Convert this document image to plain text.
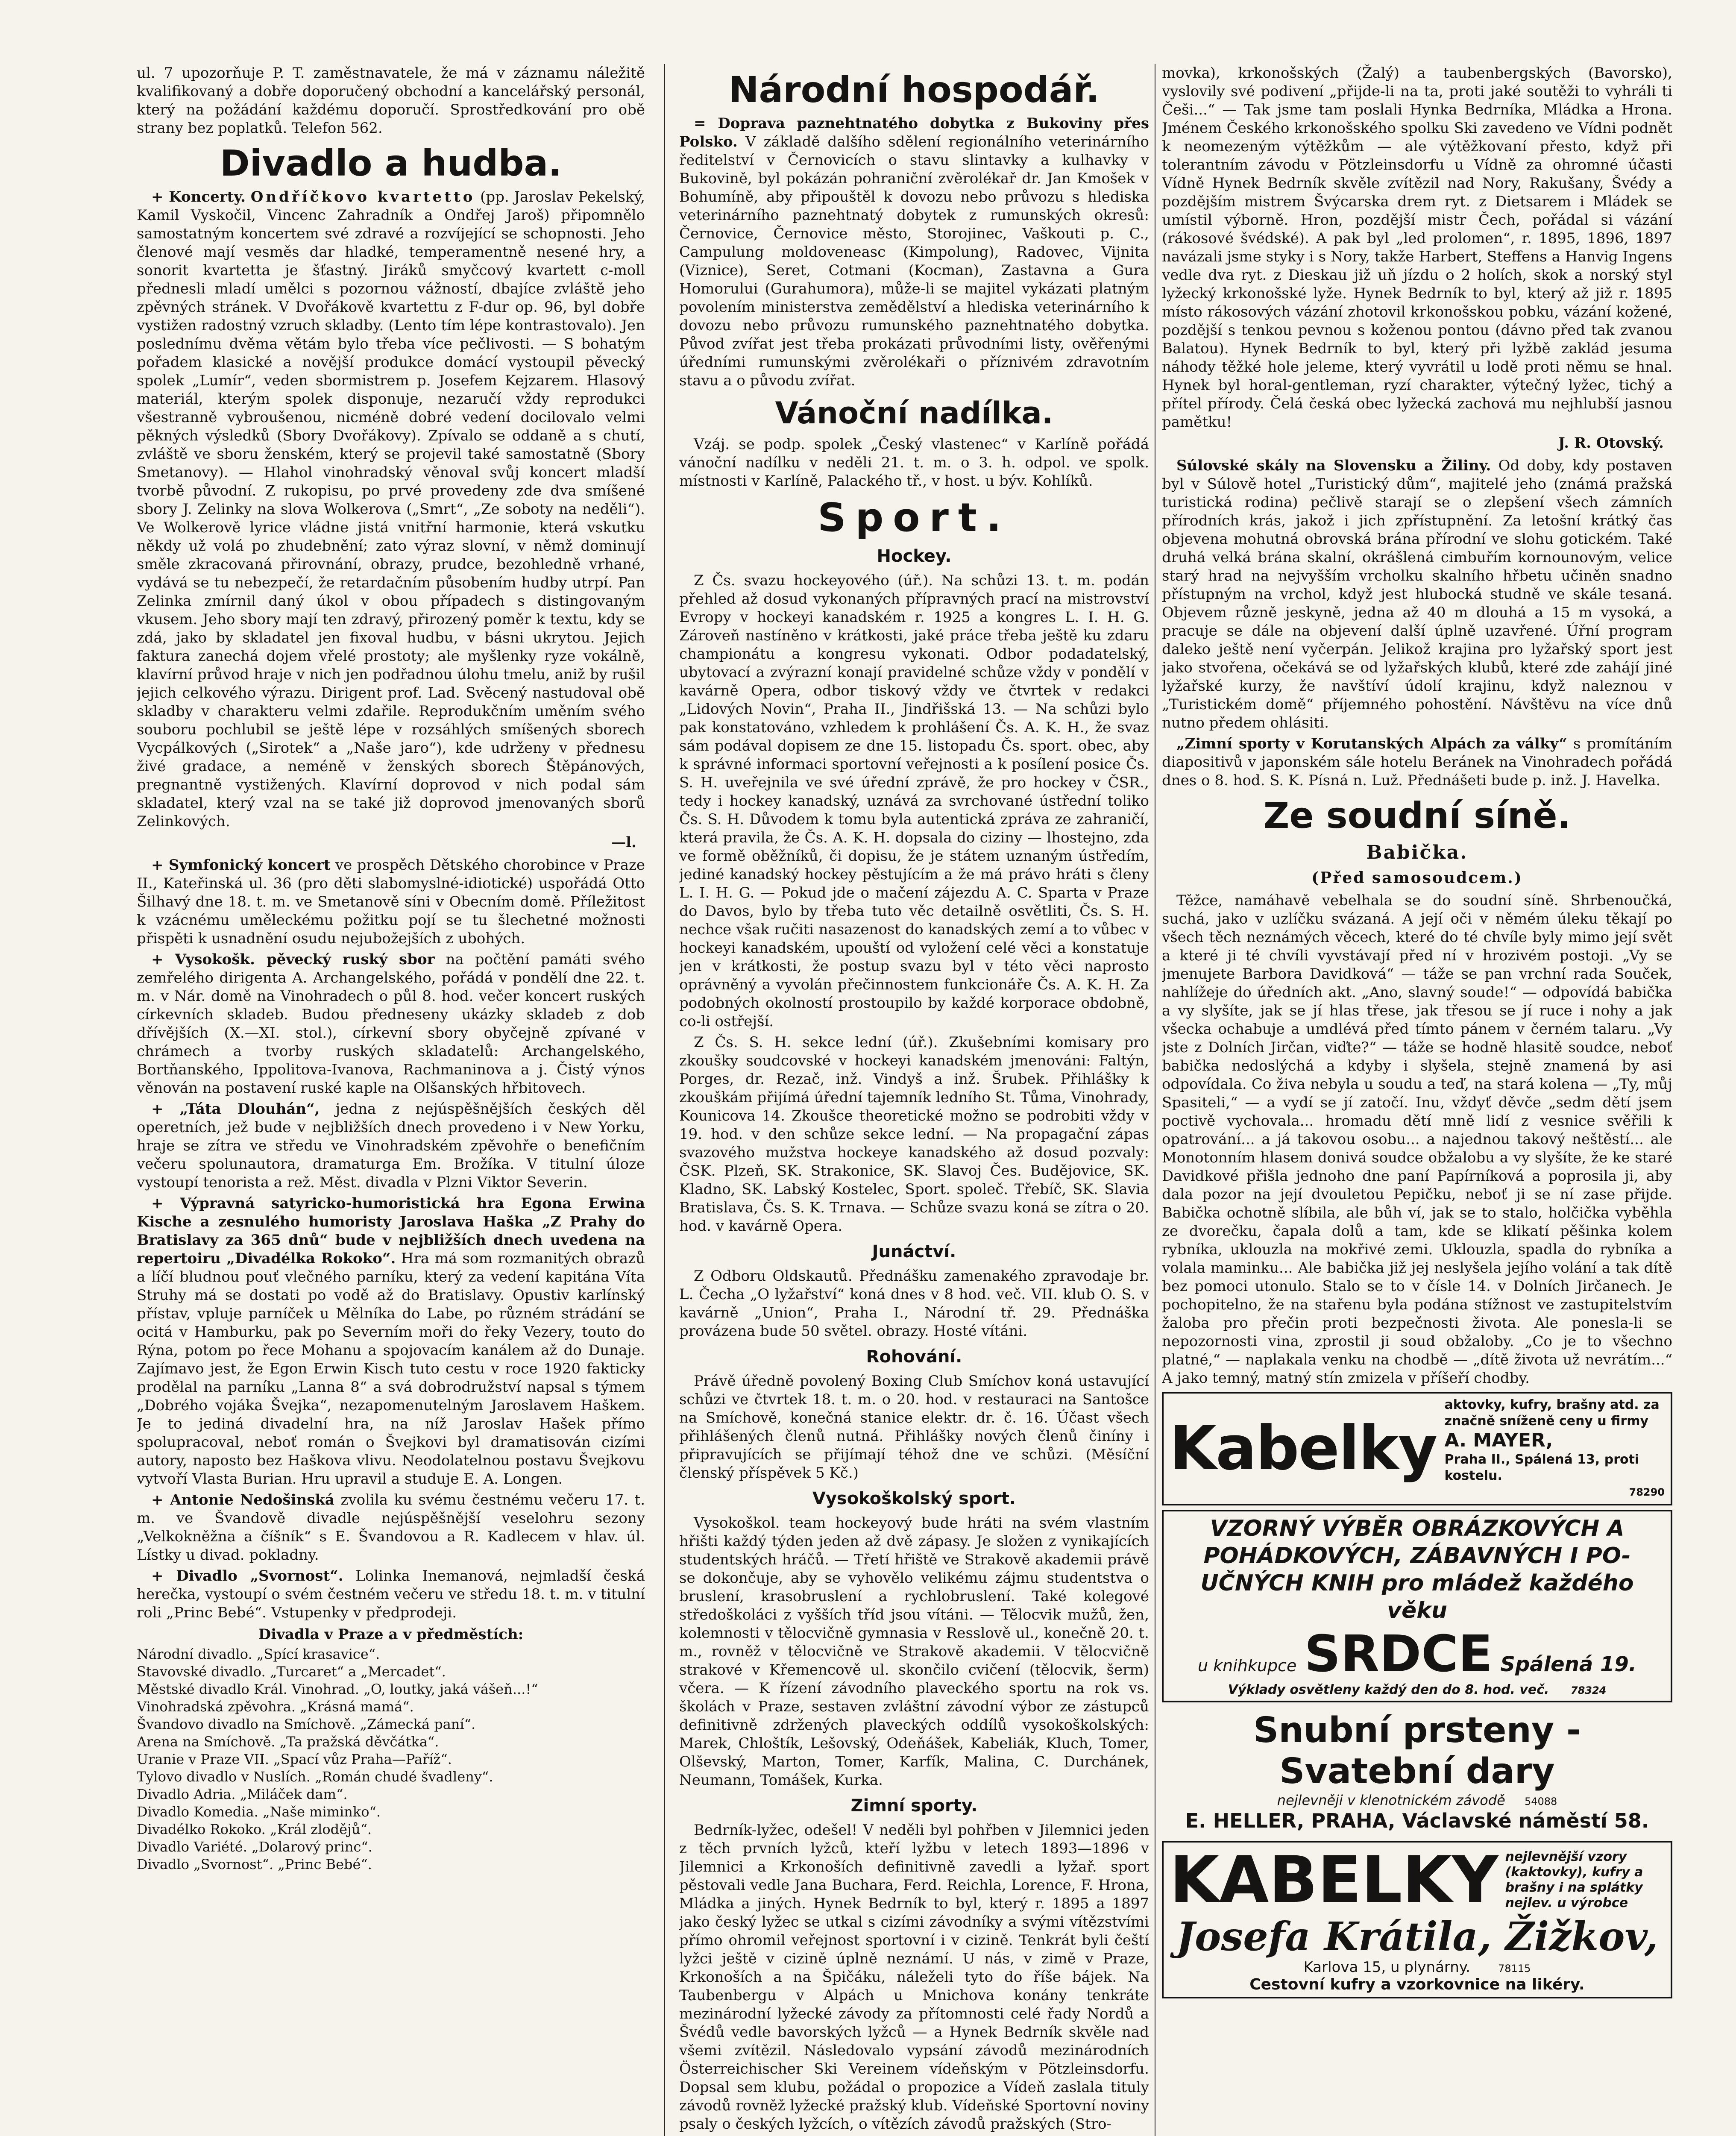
ul. 7 upozorňuje P. T. zaměstnavatele, že má v záznamu náležitě kvalifikovaný a dobře doporučený obchodní a kancelářský personál, který na požádání každému doporučí. Sprostředkování pro obě strany bez poplatků. Telefon 562.

Divadlo a hudba.

+ Koncerty. Ondříčkovo kvartetto (pp. Jaroslav Pekelský, Kamil Vyskočil, Vincenc Zahradník a Ondřej Jaroš) připomnělo samostatným koncertem své zdravé a rozvíjející se schopnosti. Jeho členové mají vesměs dar hladké, temperamentně nesené hry, a sonorit kvartetta je šťastný. Jiráků smyčcový kvartett c-moll přednesli mladí umělci s pozornou vážností, dbajíce zvláště jeho zpěvných stránek. V Dvořákově kvartettu z F-dur op. 96, byl dobře vystižen radostný vzruch skladby. (Lento tím lépe kontrastovalo). Jen poslednímu dvěma větám bylo třeba více pečlivosti. — S bohatým pořadem klasické a novější produkce domácí vystoupil pěvecký spolek „Lumír“, veden sbormistrem p. Josefem Kejzarem. Hlasový materiál, kterým spolek disponuje, nezaručí vždy reprodukci všestranně vybroušenou, nicméně dobré vedení docilovalo velmi pěkných výsledků (Sbory Dvořákovy). Zpívalo se oddaně a s chutí, zvláště ve sboru ženském, který se projevil také samostatně (Sbory Smetanovy). — Hlahol vinohradský věnoval svůj koncert mladší tvorbě původní. Z rukopisu, po prvé provedeny zde dva smíšené sbory J. Zelinky na slova Wolkerova („Smrt“, „Ze soboty na neděli“). Ve Wolkerově lyrice vládne jistá vnitřní harmonie, která vskutku někdy už volá po zhudebnění; zato výraz slovní, v němž dominují směle zkracovaná přirovnání, obrazy, prudce, bezohledně vrhané, vydává se tu nebezpečí, že retardačním působením hudby utrpí. Pan Zelinka zmírnil daný úkol v obou případech s distingovaným vkusem. Jeho sbory mají ten zdravý, přirozený poměr k textu, kdy se zdá, jako by skladatel jen fixoval hudbu, v básni ukrytou. Jejich faktura zanechá dojem vřelé prostoty; ale myšlenky ryze vokálně, klavírní průvod hraje v nich jen podřadnou úlohu tmelu, aniž by rušil jejich celkového výrazu. Dirigent prof. Lad. Svěcený nastudoval obě skladby v charakteru velmi zdařile. Reprodukčním uměním svého souboru pochlubil se ještě lépe v rozsáhlých smíšených sborech Vycpálkových („Sirotek“ a „Naše jaro“), kde udrženy v přednesu živé gradace, a neméně v ženských sborech Štěpánových, pregnantně vystižených. Klavírní doprovod v nich podal sám skladatel, který vzal na se také již doprovod jmenovaných sborů Zelinkových.

—l.

+ Symfonický koncert ve prospěch Dětského chorobince v Praze II., Kateřinská ul. 36 (pro děti slabomyslné-idiotické) uspořádá Otto Šilhavý dne 18. t. m. ve Smetanově síni v Obecním domě. Příležitost k vzácnému uměleckému požitku pojí se tu šlechetné možnosti přispěti k usnadnění osudu nejubožejších z ubohých.

+ Vysokošk. pěvecký ruský sbor na počtění památi svého zemřelého dirigenta A. Archangelského, pořádá v pondělí dne 22. t. m. v Nár. domě na Vinohradech o půl 8. hod. večer koncert ruských církevních skladeb. Budou předneseny ukázky skladeb z dob dřívějších (X.—XI. stol.), církevní sbory obyčejně zpívané v chrámech a tvorby ruských skladatelů: Archangelského, Bortňanského, Ippolitova-Ivanova, Rachmaninova a j. Čistý výnos věnován na postavení ruské kaple na Olšanských hřbitovech.

+ „Táta Dlouhán“, jedna z nejúspěšnějších českých děl operetních, jež bude v nejbližších dnech provedeno i v New Yorku, hraje se zítra ve středu ve Vinohradském zpěvohře o benefičním večeru spolunautora, dramaturga Em. Brožíka. V titulní úloze vystoupí tenorista a rež. Měst. divadla v Plzni Viktor Severin.

+ Výpravná satyricko-humoristická hra Egona Erwina Kische a zesnulého humoristy Jaroslava Haška „Z Prahy do Bratislavy za 365 dnů“ bude v nejbližších dnech uvedena na repertoiru „Divadélka Rokoko“. Hra má som rozmanitých obrazů a líčí bludnou pouť vlečného parníku, který za vedení kapitána Víta Struhy má se dostati po vodě až do Bratislavy. Opustiv karlínský přístav, vpluje parníček u Mělníka do Labe, po různém strádání se ocitá v Hamburku, pak po Severním moři do řeky Vezery, touto do Rýna, potom po řece Mohanu a spojovacím kanálem až do Dunaje. Zajímavo jest, že Egon Erwin Kisch tuto cestu v roce 1920 fakticky prodělal na parníku „Lanna 8“ a svá dobrodružství napsal s týmem „Dobrého vojáka Švejka“, nezapomenutelným Jaroslavem Haškem. Je to jediná divadelní hra, na níž Jaroslav Hašek přímo spolupracoval, neboť román o Švejkovi byl dramatisován cizími autory, naposto bez Haškova vlivu. Neodolatelnou postavu Švejkovu vytvoří Vlasta Burian. Hru upravil a studuje E. A. Longen.

+ Antonie Nedošinská zvolila ku svému čestnému večeru 17. t. m. ve Švandově divadle nejúspěšnější veselohru sezony „Velkokněžna a číšník“ s E. Švandovou a R. Kadlecem v hlav. úl. Lístky u divad. pokladny.

+ Divadlo „Svornost“. Lolinka Inemanová, nejmladší česká herečka, vystoupí o svém čestném večeru ve středu 18. t. m. v titulní roli „Princ Bebé“. Vstupenky v předprodeji.

Divadla v Praze a v předměstích:

Národní divadlo. „Spící krasavice“.

Stavovské divadlo. „Turcaret“ a „Mercadet“.

Městské divadlo Král. Vinohrad. „O, loutky, jaká vášeň...!“

Vinohradská zpěvohra. „Krásná mamá“.

Švandovo divadlo na Smíchově. „Zámecká paní“.

Arena na Smíchově. „Ta pražská děvčátka“.

Uranie v Praze VII. „Spací vůz Praha—Paříž“.

Tylovo divadlo v Nuslích. „Román chudé švadleny“.

Divadlo Adria. „Miláček dam“.

Divadlo Komedia. „Naše miminko“.

Divadélko Rokoko. „Král zlodějů“.

Divadlo Variété. „Dolarový princ“.

Divadlo „Svornost“. „Princ Bebé“.

Národní hospodář.

= Doprava paznehtnatého dobytka z Bukoviny přes Polsko. V základě dalšího sdělení regionálního veterinárního ředitelství v Černovicích o stavu slintavky a kulhavky v Bukovině, byl pokázán pohraniční zvěrolékař dr. Jan Kmošek v Bohumíně, aby připouštěl k dovozu nebo průvozu s hlediska veterinárního paznehtnatý dobytek z rumunských okresů: Černovice, Černovice město, Storojinec, Vaškouti p. C., Campulung moldoveneasc (Kimpolung), Radovec, Vijnita (Viznice), Seret, Cotmani (Kocman), Zastavna a Gura Homorului (Gurahumora), může-li se majitel vykázati platným povolením ministerstva zemědělství a hlediska veterinárního k dovozu nebo průvozu rumunského paznehtnatého dobytka. Původ zvířat jest třeba prokázati průvodními listy, ověřenými úředními rumunskými zvěrolékaři o příznivém zdravotním stavu a o původu zvířat.

Vánoční nadílka.

Vzáj. se podp. spolek „Český vlastenec“ v Karlíně pořádá vánoční nadílku v neděli 21. t. m. o 3. h. odpol. ve spolk. místnosti v Karlíně, Palackého tř., v host. u býv. Kohlíků.

Sport.
Hockey.

Z Čs. svazu hockeyového (úř.). Na schůzi 13. t. m. podán přehled až dosud vykonaných přípravných prací na mistrovství Evropy v hockeyi kanadském r. 1925 a kongres L. I. H. G. Zároveň nastíněno v krátkosti, jaké práce třeba ještě ku zdaru championátu a kongresu vykonati. Odbor podadatelský, ubytovací a zvýrazní konají pravidelné schůze vždy v pondělí v kavárně Opera, odbor tiskový vždy ve čtvrtek v redakci „Lidových Novin“, Praha II., Jindřišská 13. — Na schůzi bylo pak konstatováno, vzhledem k prohlášení Čs. A. K. H., že svaz sám podával dopisem ze dne 15. listopadu Čs. sport. obec, aby k správné informaci sportovní veřejnosti a k posílení posice Čs. S. H. uveřejnila ve své úřední zprávě, že pro hockey v ČSR., tedy i hockey kanadský, uznává za svrchované ústřední toliko Čs. S. H. Důvodem k tomu byla autentická zpráva ze zahraničí, která pravila, že Čs. A. K. H. dopsala do ciziny — lhostejno, zda ve formě oběžníků, či dopisu, že je státem uznaným ústředím, jediné kanadský hockey pěstujícím a že má právo hráti s členy L. I. H. G. — Pokud jde o mačení zájezdu A. C. Sparta v Praze do Davos, bylo by třeba tuto věc detailně osvětliti, Čs. S. H. nechce však ručiti nasazenost do kanadských zemí a to vůbec v hockeyi kanadském, upouští od vyložení celé věci a konstatuje jen v krátkosti, že postup svazu byl v této věci naprosto oprávněný a vyvolán přečinnostem funkcionáře Čs. A. K. H. Za podobných okolností prostoupilo by každé korporace obdobně, co-li ostřejší.

Z Čs. S. H. sekce lední (úř.). Zkušebními komisary pro zkoušky soudcovské v hockeyi kanadském jmenováni: Faltýn, Porges, dr. Rezač, inž. Vindyš a inž. Šrubek. Přihlášky k zkouškám přijímá úřední tajemník ledního St. Tůma, Vinohrady, Kounicova 14. Zkoušce theoretické možno se podrobiti vždy v 19. hod. v den schůze sekce lední. — Na propagační zápas svazového mužstva hockeye kanadského až dosud pozvaly: ČSK. Plzeň, SK. Strakonice, SK. Slavoj Čes. Budějovice, SK. Kladno, SK. Labský Kostelec, Sport. společ. Třebíč, SK. Slavia Bratislava, Čs. S. K. Trnava. — Schůze svazu koná se zítra o 20. hod. v kavárně Opera.

Junáctví.

Z Odboru Oldskautů. Přednášku zamenakého zpravodaje br. L. Čecha „O lyžařství“ koná dnes v 8 hod. več. VII. klub O. S. v kavárně „Union“, Praha I., Národní tř. 29. Přednáška provázena bude 50 světel. obrazy. Hosté vítáni.

Rohování.

Právě úředně povolený Boxing Club Smíchov koná ustavující schůzi ve čtvrtek 18. t. m. o 20. hod. v restauraci na Santošce na Smíchově, konečná stanice elektr. dr. č. 16. Účast všech přihlášených členů nutná. Přihlášky nových členů činíny i připravujících se přijímají téhož dne ve schůzi. (Měsíční členský příspěvek 5 Kč.)

Vysokoškolský sport.

Vysokoškol. team hockeyový bude hráti na svém vlastním hřišti každý týden jeden až dvě zápasy. Je složen z vynikajících studentských hráčů. — Třetí hřiště ve Strakově akademii právě se dokončuje, aby se vyhovělo velikému zájmu studentstva o bruslení, krasobruslení a rychlobruslení. Také kolegové středoškoláci z vyšších tříd jsou vítáni. — Tělocvik mužů, žen, kolemnosti v tělocvičně gymnasia v Resslově ul., konečně 20. t. m., rovněž v tělocvičně ve Strakově akademii. V tělocvičně strakové v Křemencově ul. skončilo cvičení (tělocvik, šerm) včera. — K řízení závodního plaveckého sportu na rok vs. školách v Praze, sestaven zvláštní závodní výbor ze zástupců definitivně zdržených plaveckých oddílů vysokoškolských: Marek, Chloštík, Lešovský, Odeňášek, Kabeliák, Kluch, Tomer, Olševský, Marton, Tomer, Karfík, Malina, C. Durchánek, Neumann, Tomášek, Kurka.

Zimní sporty.

Bedrník-lyžec, odešel! V neděli byl pohřben v Jilemnici jeden z těch prvních lyžců, kteří lyžbu v letech 1893—1896 v Jilemnici a Krkonoších definitivně zavedli a lyžař. sport pěstovali vedle Jana Buchara, Ferd. Reichla, Lorence, F. Hrona, Mládka a jiných. Hynek Bedrník to byl, který r. 1895 a 1897 jako český lyžec se utkal s cizími závodníky a svými vítězstvími přímo ohromil veřejnost sportovní i v cizině. Tenkrát byli čeští lyžci ještě v cizině úplně neznámí. U nás, v zimě v Praze, Krkonoších a na Špičáku, náleželi tyto do říše bájek. Na Taubenbergu v Alpách u Mnichova konány tenkráte mezinárodní lyžecké závody za přítomnosti celé řady Nordů a Švédů vedle bavorských lyžců — a Hynek Bedrník skvěle nad všemi zvítězil. Následovalo vypsání závodů mezinárodních Österreichischer Ski Vereinem vídeňským v Pötzleinsdorfu. Dopsal sem klubu, požádal o propozice a Vídeň zaslala tituly závodů rovněž lyžecké pražský klub. Vídeňské Sportovní noviny psaly o českých lyžcích, o vítězích závodů pražských (Stro-

movka), krkonošských (Žalý) a taubenbergských (Bavorsko), vyslovily své podivení „přijde-li na ta, proti jaké soutěži to vyhráli ti Češi...“ — Tak jsme tam poslali Hynka Bedrníka, Mládka a Hrona. Jménem Českého krkonošského spolku Ski zavedeno ve Vídni podnět k neomezeným výtěžkům — ale výtěžkovaní přesto, když při tolerantním závodu v Pötzleinsdorfu u Vídně za ohromné účasti Vídně Hynek Bedrník skvěle zvítězil nad Nory, Rakušany, Švédy a pozdějším mistrem Švýcarska drem ryt. z Dietsarem i Mládek se umístil výborně. Hron, pozdější mistr Čech, pořádal si vázání (rákosové švédské). A pak byl „led prolomen“, r. 1895, 1896, 1897 navázali jsme styky i s Nory, takže Harbert, Steffens a Hanvig Ingens vedle dva ryt. z Dieskau již uň jízdu o 2 holích, skok a norský styl lyžecký krkonošské lyže. Hynek Bedrník to byl, který až již r. 1895 místo rákosových vázání zhotovil krkonošskou pobku, vázání kožené, pozdější s tenkou pevnou s koženou pontou (dávno před tak zvanou Balatou). Hynek Bedrník to byl, který při lyžbě zaklád jesuma náhody těžké hole jeleme, který vyvrátil u lodě proti němu se hnal. Hynek byl horal-gentleman, ryzí charakter, výtečný lyžec, tichý a přítel přírody. Čelá česká obec lyžecká zachová mu nejhlubší jasnou pamětku!

J. R. Otovský.

Súlovské skály na Slovensku a Žiliny. Od doby, kdy postaven byl v Súlově hotel „Turistický dům“, majitelé jeho (známá pražská turistická rodina) pečlivě starají se o zlepšení všech zámních přírodních krás, jakož i jich zpřístupnění. Za letošní krátký čas objevena mohutná obrovská brána přírodní ve slohu gotickém. Také druhá velká brána skalní, okrášlená cimbuřím kornounovým, velice starý hrad na nejvyšším vrcholku skalního hřbetu učiněn snadno přístupným na vrchol, když jest hlubocká studně ve skále tesaná. Objevem různě jeskyně, jedna až 40 m dlouhá a 15 m vysoká, a pracuje se dále na objevení další úplně uzavřené. Úřní program daleko ještě není vyčerpán. Jelikož krajina pro lyžařský sport jest jako stvořena, očekává se od lyžařských klubů, které zde zahájí jiné lyžařské kurzy, že navštíví údolí krajinu, když naleznou v „Turistickém domě“ příjemného pohostění. Návštěvu na více dnů nutno předem ohlásiti.

„Zimní sporty v Korutanských Alpách za války“ s promítáním diapositivů v japonském sále hotelu Beránek na Vinohradech pořádá dnes o 8. hod. S. K. Písná n. Luž. Přednášeti bude p. inž. J. Havelka.

Ze soudní síně.
Babička.
(Před samosoudcem.)

Těžce, namáhavě vebelhala se do soudní síně. Shrbenoučká, suchá, jako v uzlíčku svázaná. A její oči v němém úleku těkají po všech těch neznámých věcech, které do té chvíle byly mimo její svět a které ji té chvíli vyvstávají před ní v hrozivém postoji. „Vy se jmenujete Barbora Davidková“ — táže se pan vrchní rada Souček, nahlížeje do úředních akt. „Ano, slavný soude!“ — odpovídá babička a vy slyšíte, jak se jí hlas třese, jak třesou se jí ruce i nohy a jak všecka ochabuje a umdlévá před tímto pánem v černém talaru. „Vy jste z Dolních Jirčan, viďte?“ — táže se hodně hlasitě soudce, neboť babička nedoslýchá a kdyby i slyšela, stejně znamená by asi odpovídala. Co živa nebyla u soudu a teď, na stará kolena — „Ty, můj Spasiteli,“ — a vydí se jí zatočí. Inu, vždyť děvče „sedm dětí jsem poctivě vychovala... hromadu dětí mně lidí z vesnice svěřili k opatrování... a já takovou osobu... a najednou takový neštěstí... ale Monotonním hlasem donivá soudce obžalobu a vy slyšíte, že ke staré Davidkové přišla jednoho dne paní Papírníková a poprosila ji, aby dala pozor na její dvouletou Pepičku, neboť ji se ní zase přijde. Babička ochotně slíbila, ale bůh ví, jak se to stalo, holčička vyběhla ze dvorečku, čapala dolů a tam, kde se klikatí pěšinka kolem rybníka, uklouzla na mokřivé zemi. Uklouzla, spadla do rybníka a volala maminku... Ale babička již jej neslyšela jejího volání a tak dítě bez pomoci utonulo. Stalo se to v čísle 14. v Dolních Jirčanech. Je pochopitelno, že na stařenu byla podána stížnost ve zastupitelstvím žaloba pro přečin proti bezpečnosti života. Ale ponesla-li se nepozornosti vina, zprostil ji soud obžaloby. „Co je to všechno platné,“ — naplakala venku na chodbě — „dítě života už nevrátím...“ A jako temný, matný stín zmizela v příšeří chodby.

Kabelky
aktovky, kufry, brašny atd. za značně sníženě ceny u firmy
A. MAYER,
Praha II., Spálená 13, proti kostelu.
78290
VZORNÝ VÝBĚR OBRÁZKOVÝCH A
POHÁDKOVÝCH, ZÁBAVNÝCH I PO-
UČNÝCH KNIH pro mládež každého věku
u knihkupce SRDCE Spálená 19.
Výklady osvětleny každý den do 8. hod. več. 78324
Snubní prsteny - Svatební dary
nejlevněji v klenotnickém závodě 54088
E. HELLER, PRAHA, Václavské náměstí 58.
KABELKY nejlevnější vzory (kaktovky), kufry a brašny i na splátky nejlev. u výrobce
Josefa Krátila, Žižkov,
Karlova 15, u plynárny.	78115
Cestovní kufry a vzorkovnice na likéry.
